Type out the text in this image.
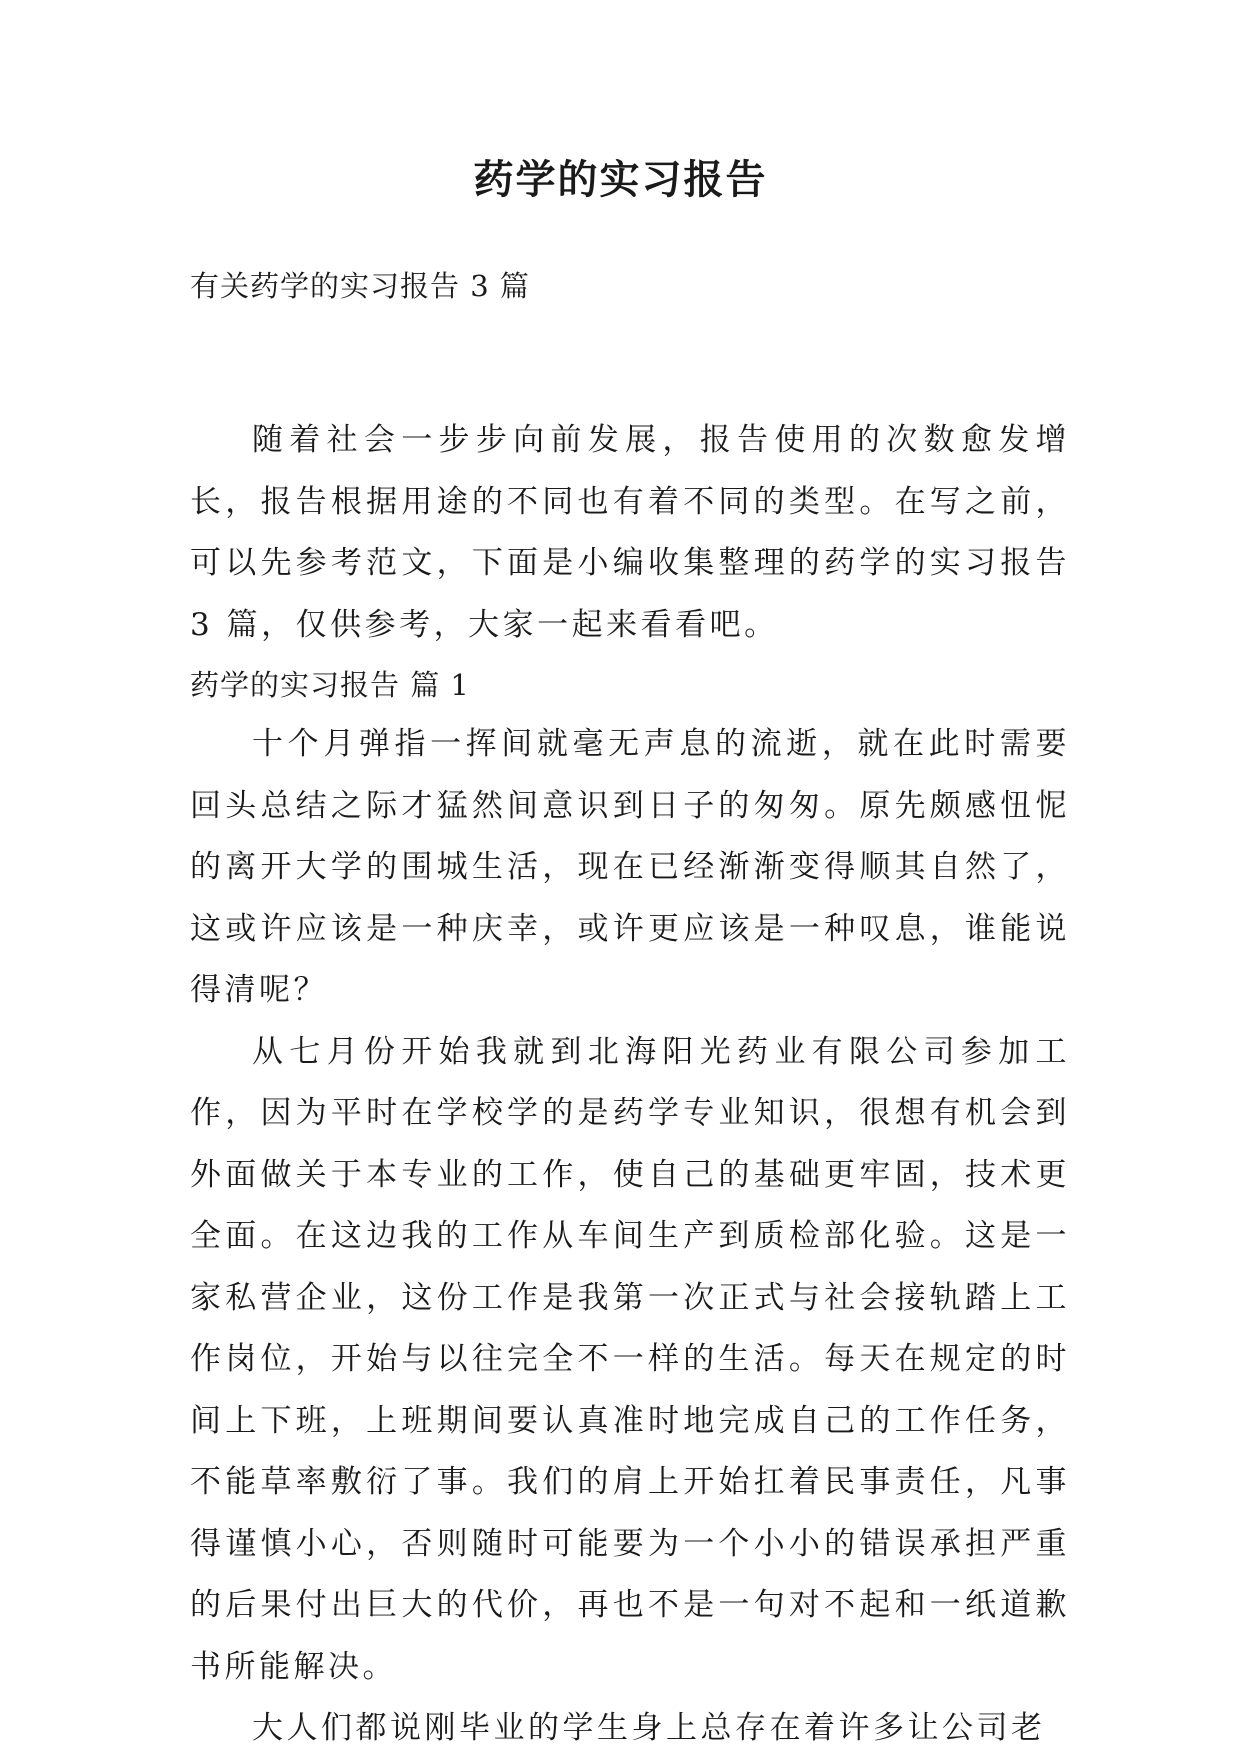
药学的实习报告
有关药学的实习报告 3 篇

随着社会一步步向前发展，报告使用的次数愈发增长，报告根据用途的不同也有着不同的类型。在写之前，可以先参考范文，下面是小编收集整理的药学的实习报告 3 篇，仅供参考，大家一起来看看吧。

药学的实习报告 篇 1

十个月弹指一挥间就毫无声息的流逝，就在此时需要回头总结之际才猛然间意识到日子的匆匆。原先颇感忸怩的离开大学的围城生活，现在已经渐渐变得顺其自然了，这或许应该是一种庆幸，或许更应该是一种叹息，谁能说得清呢？

从七月份开始我就到北海阳光药业有限公司参加工作，因为平时在学校学的是药学专业知识，很想有机会到外面做关于本专业的工作，使自己的基础更牢固，技术更全面。在这边我的工作从车间生产到质检部化验。这是一家私营企业，这份工作是我第一次正式与社会接轨踏上工作岗位，开始与以往完全不一样的生活。每天在规定的时间上下班，上班期间要认真准时地完成自己的工作任务，不能草率敷衍了事。我们的肩上开始扛着民事责任，凡事得谨慎小心，否则随时可能要为一个小小的错误承担严重的后果付出巨大的代价，再也不是一句对不起和一纸道歉书所能解决。

大人们都说刚毕业的学生身上总存在着许多让公司老
